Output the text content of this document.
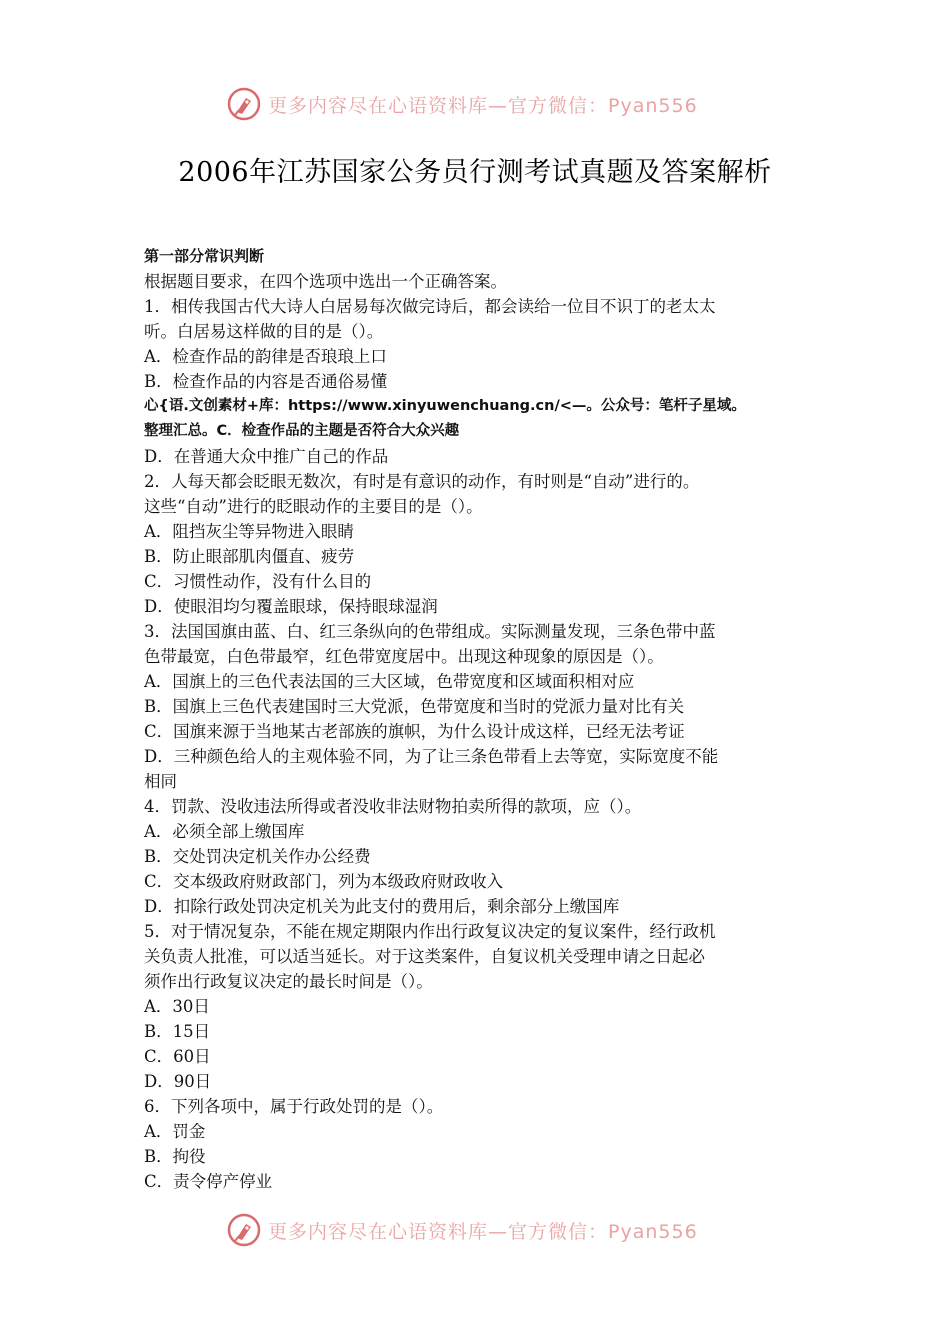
更多内容尽在心语资料库—官方微信：Pyan556
2006年江苏国家公务员行测考试真题及答案解析

第一部分常识判断

根据题目要求，在四个选项中选出一个正确答案。

1．相传我国古代大诗人白居易每次做完诗后，都会读给一位目不识丁的老太太

听。白居易这样做的目的是（）。

A．检查作品的韵律是否琅琅上口

B．检查作品的内容是否通俗易懂

心{语.文创素材+库：https://www.xinyuwenchuang.cn/<—。公众号：笔杆子星域。

整理汇总。C．检查作品的主题是否符合大众兴趣

D．在普通大众中推广自己的作品

2．人每天都会眨眼无数次，有时是有意识的动作，有时则是“自动”进行的。

这些“自动”进行的眨眼动作的主要目的是（）。

A．阻挡灰尘等异物进入眼睛

B．防止眼部肌肉僵直、疲劳

C．习惯性动作，没有什么目的

D．使眼泪均匀覆盖眼球，保持眼球湿润

3．法国国旗由蓝、白、红三条纵向的色带组成。实际测量发现，三条色带中蓝

色带最宽，白色带最窄，红色带宽度居中。出现这种现象的原因是（）。

A．国旗上的三色代表法国的三大区域，色带宽度和区域面积相对应

B．国旗上三色代表建国时三大党派，色带宽度和当时的党派力量对比有关

C．国旗来源于当地某古老部族的旗帜，为什么设计成这样，已经无法考证

D．三种颜色给人的主观体验不同，为了让三条色带看上去等宽，实际宽度不能

相同

4．罚款、没收违法所得或者没收非法财物拍卖所得的款项，应（）。

A．必须全部上缴国库

B．交处罚决定机关作办公经费

C．交本级政府财政部门，列为本级政府财政收入

D．扣除行政处罚决定机关为此支付的费用后，剩余部分上缴国库

5．对于情况复杂，不能在规定期限内作出行政复议决定的复议案件，经行政机

关负责人批准，可以适当延长。对于这类案件，自复议机关受理申请之日起必

须作出行政复议决定的最长时间是（）。

A．30日

B．15日

C．60日

D．90日

6．下列各项中，属于行政处罚的是（）。

A．罚金

B．拘役

C．责令停产停业

更多内容尽在心语资料库—官方微信：Pyan556
